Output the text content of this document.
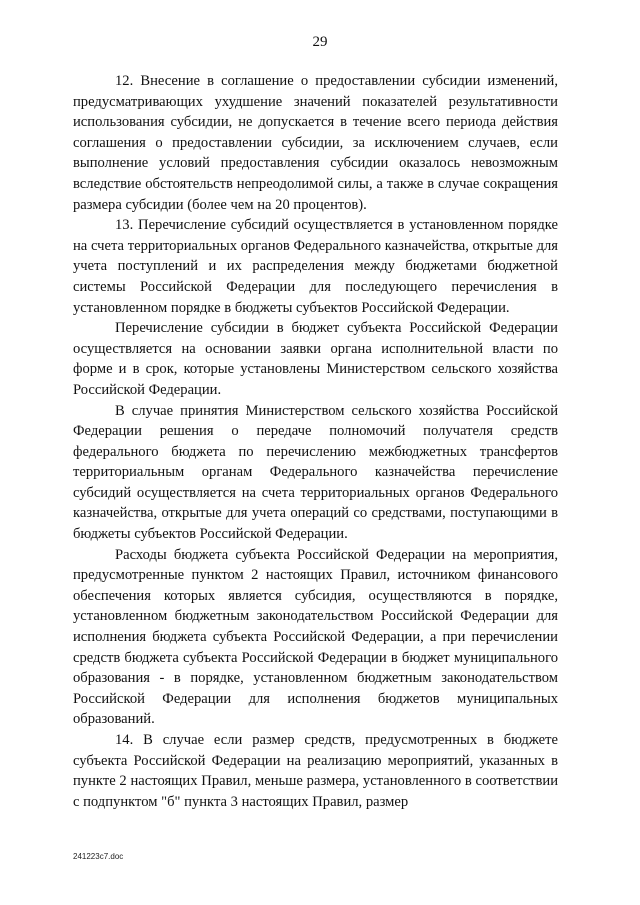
29

12. Внесение в соглашение о предоставлении субсидии изменений, предусматривающих ухудшение значений показателей результативности использования субсидии, не допускается в течение всего периода действия соглашения о предоставлении субсидии, за исключением случаев, если выполнение условий предоставления субсидии оказалось невозможным вследствие обстоятельств непреодолимой силы, а также в случае сокращения размера субсидии (более чем на 20 процентов).

13. Перечисление субсидий осуществляется в установленном порядке на счета территориальных органов Федерального казначейства, открытые для учета поступлений и их распределения между бюджетами бюджетной системы Российской Федерации для последующего перечисления в установленном порядке в бюджеты субъектов Российской Федерации.

Перечисление субсидии в бюджет субъекта Российской Федерации осуществляется на основании заявки органа исполнительной власти по форме и в срок, которые установлены Министерством сельского хозяйства Российской Федерации.

В случае принятия Министерством сельского хозяйства Российской Федерации решения о передаче полномочий получателя средств федерального бюджета по перечислению межбюджетных трансфертов территориальным органам Федерального казначейства перечисление субсидий осуществляется на счета территориальных органов Федерального казначейства, открытые для учета операций со средствами, поступающими в бюджеты субъектов Российской Федерации.

Расходы бюджета субъекта Российской Федерации на мероприятия, предусмотренные пунктом 2 настоящих Правил, источником финансового обеспечения которых является субсидия, осуществляются в порядке, установленном бюджетным законодательством Российской Федерации для исполнения бюджета субъекта Российской Федерации, а при перечислении средств бюджета субъекта Российской Федерации в бюджет муниципального образования - в порядке, установленном бюджетным законодательством Российской Федерации для исполнения бюджетов муниципальных образований.

14. В случае если размер средств, предусмотренных в бюджете субъекта Российской Федерации на реализацию мероприятий, указанных в пункте 2 настоящих Правил, меньше размера, установленного в соответствии с подпунктом "б" пункта 3 настоящих Правил, размер

241223c7.doc
